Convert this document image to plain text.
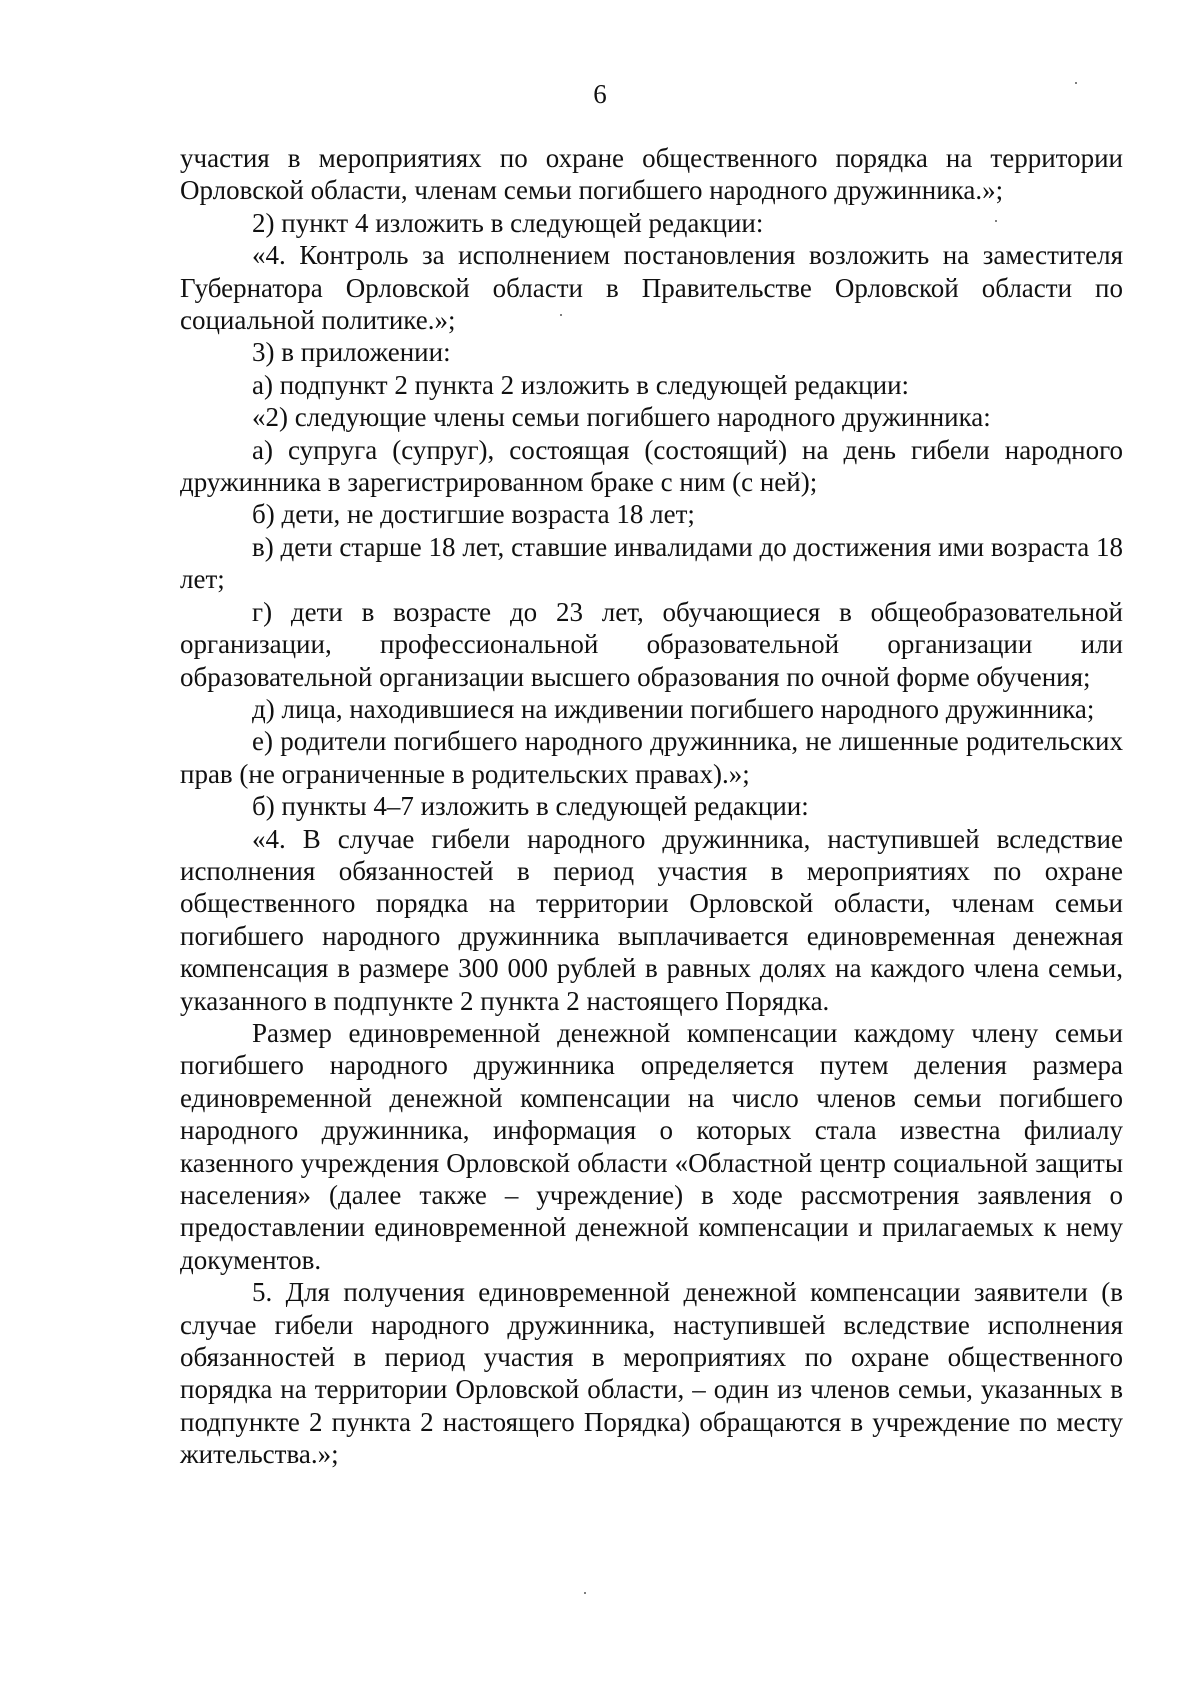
6

участия в мероприятиях по охране общественного порядка на территории Орловской области, членам семьи погибшего народного дружинника.»;

2) пункт 4 изложить в следующей редакции:

«4. Контроль за исполнением постановления возложить на заместителя Губернатора Орловской области в Правительстве Орловской области по социальной политике.»;

3) в приложении:

а) подпункт 2 пункта 2 изложить в следующей редакции:

«2) следующие члены семьи погибшего народного дружинника:

а) супруга (супруг), состоящая (состоящий) на день гибели народного дружинника в зарегистрированном браке с ним (с ней);

б) дети, не достигшие возраста 18 лет;

в) дети старше 18 лет, ставшие инвалидами до достижения ими возраста 18 лет;

г) дети в возрасте до 23 лет, обучающиеся в общеобразовательной организации, профессиональной образовательной организации или образовательной организации высшего образования по очной форме обучения;

д) лица, находившиеся на иждивении погибшего народного дружинника;

е) родители погибшего народного дружинника, не лишенные родительских прав (не ограниченные в родительских правах).»;

б) пункты 4–7 изложить в следующей редакции:

«4. В случае гибели народного дружинника, наступившей вследствие исполнения обязанностей в период участия в мероприятиях по охране общественного порядка на территории Орловской области, членам семьи погибшего народного дружинника выплачивается единовременная денежная компенсация в размере 300 000 рублей в равных долях на каждого члена семьи, указанного в подпункте 2 пункта 2 настоящего Порядка.

Размер единовременной денежной компенсации каждому члену семьи погибшего народного дружинника определяется путем деления размера единовременной денежной компенсации на число членов семьи погибшего народного дружинника, информация о которых стала известна филиалу казенного учреждения Орловской области «Областной центр социальной защиты населения» (далее также – учреждение) в ходе рассмотрения заявления о предоставлении единовременной денежной компенсации и прилагаемых к нему документов.

5. Для получения единовременной денежной компенсации заявители (в случае гибели народного дружинника, наступившей вследствие исполнения обязанностей в период участия в мероприятиях по охране общественного порядка на территории Орловской области, – один из членов семьи, указанных в подпункте 2 пункта 2 настоящего Порядка) обращаются в учреждение по месту жительства.»;
